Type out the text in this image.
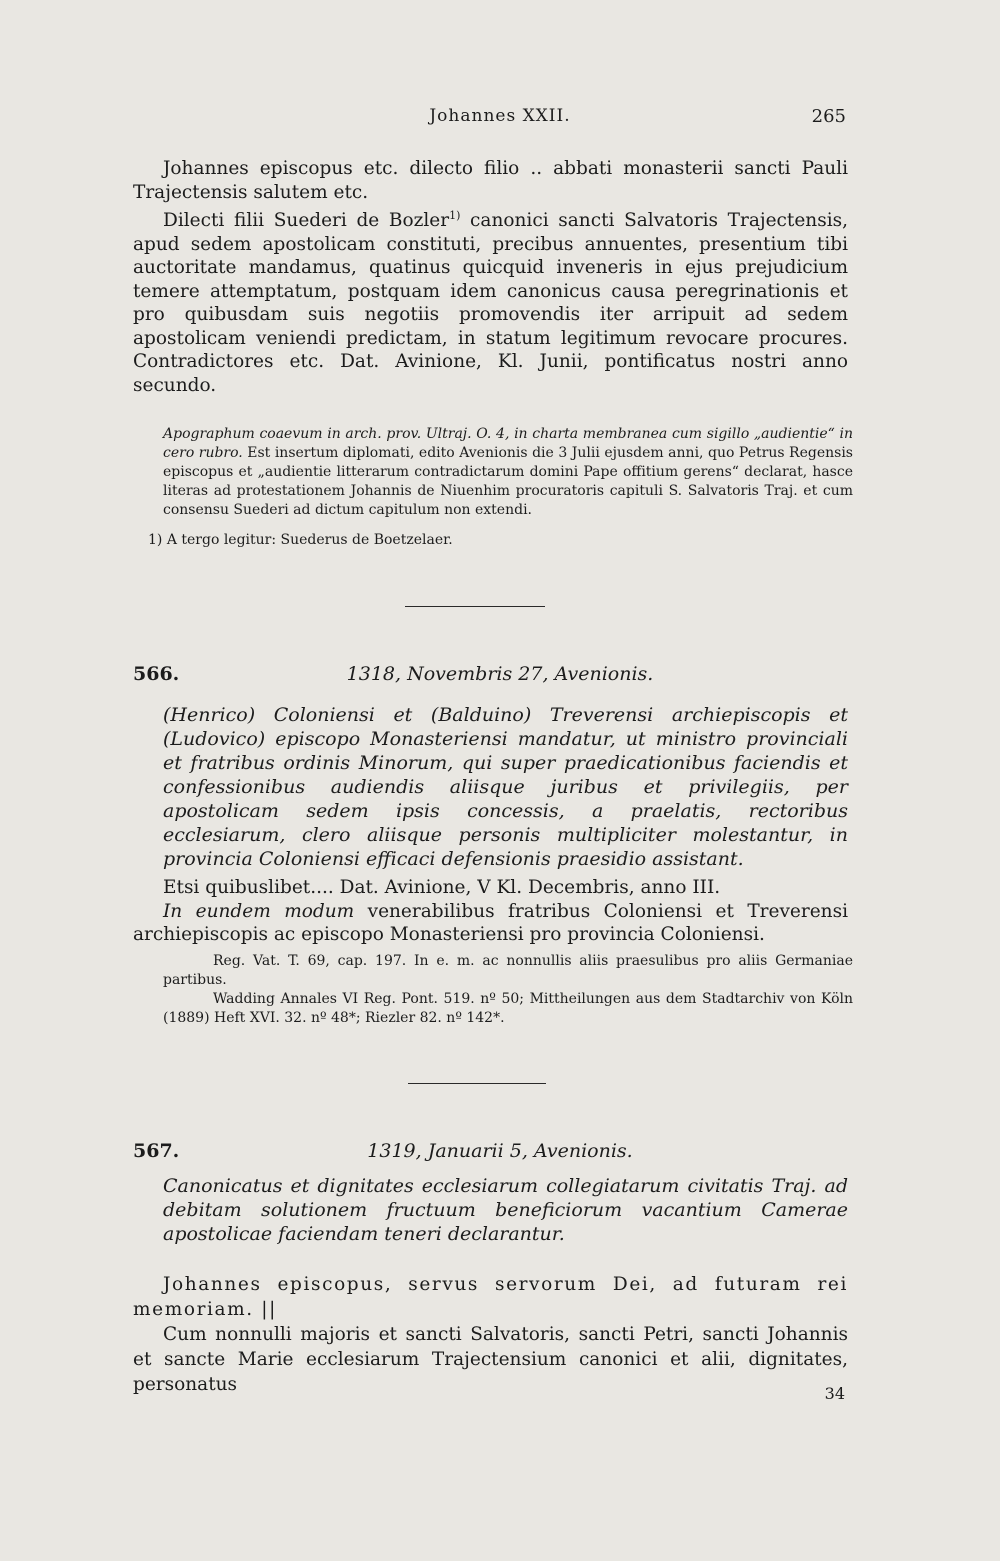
Johannes XXII.	265

Johannes episcopus etc. dilecto filio .. abbati monasterii sancti Pauli Trajectensis salutem etc.

Dilecti filii Suederi de Bozler$^{1)}$ canonici sancti Salvatoris Trajectensis, apud sedem apostolicam constituti, precibus annuentes, presentium tibi auctoritate mandamus, quatinus quicquid inveneris in ejus prejudicium temere attemptatum, postquam idem canonicus causa peregrinationis et pro quibusdam suis negotiis promovendis iter arripuit ad sedem apostolicam veniendi predictam, in statum legitimum revocare procures. Contradictores etc. Dat. Avinione, Kl. Junii, pontificatus nostri anno secundo.

Apographum coaevum in arch. prov. Ultraj. O. 4, in charta membranea cum sigillo „audientie“ in cero rubro. Est insertum diplomati, edito Avenionis die 3 Julii ejusdem anni, quo Petrus Regensis episcopus et „audientie litterarum contradictarum domini Pape offitium gerens“ declarat, hasce literas ad protestationem Johannis de Niuenhim procuratoris capituli S. Salvatoris Traj. et cum consensu Suederi ad dictum capitulum non extendi.

1) A tergo legitur: Suederus de Boetzelaer.

566.	1318, Novembris 27, Avenionis.

(Henrico) Coloniensi et (Balduino) Treverensi archiepiscopis et (Ludovico) episcopo Monasteriensi mandatur, ut ministro provinciali et fratribus ordinis Minorum, qui super praedicationibus faciendis et confessionibus audiendis aliisque juribus et privilegiis, per apostolicam sedem ipsis concessis, a praelatis, rectoribus ecclesiarum, clero aliisque personis multipliciter molestantur, in provincia Coloniensi efficaci defensionis praesidio assistant.

Etsi quibuslibet.... Dat. Avinione, V Kl. Decembris, anno III.

In eundem modum venerabilibus fratribus Coloniensi et Treverensi archiepiscopis ac episcopo Monasteriensi pro provincia Coloniensi.

Reg. Vat. T. 69, cap. 197. In e. m. ac nonnullis aliis praesulibus pro aliis Germaniae partibus.

Wadding Annales VI Reg. Pont. 519. nº 50; Mittheilungen aus dem Stadtarchiv von Köln (1889) Heft XVI. 32. nº 48*; Riezler 82. nº 142*.

567.	1319, Januarii 5, Avenionis.

Canonicatus et dignitates ecclesiarum collegiatarum civitatis Traj. ad debitam solutionem fructuum beneficiorum vacantium Camerae apostolicae faciendam teneri declarantur.

Johannes episcopus, servus servorum Dei, ad futuram rei memoriam. ||

Cum nonnulli majoris et sancti Salvatoris, sancti Petri, sancti Johannis et sancte Marie ecclesiarum Trajectensium canonici et alii, dignitates, personatus	34
